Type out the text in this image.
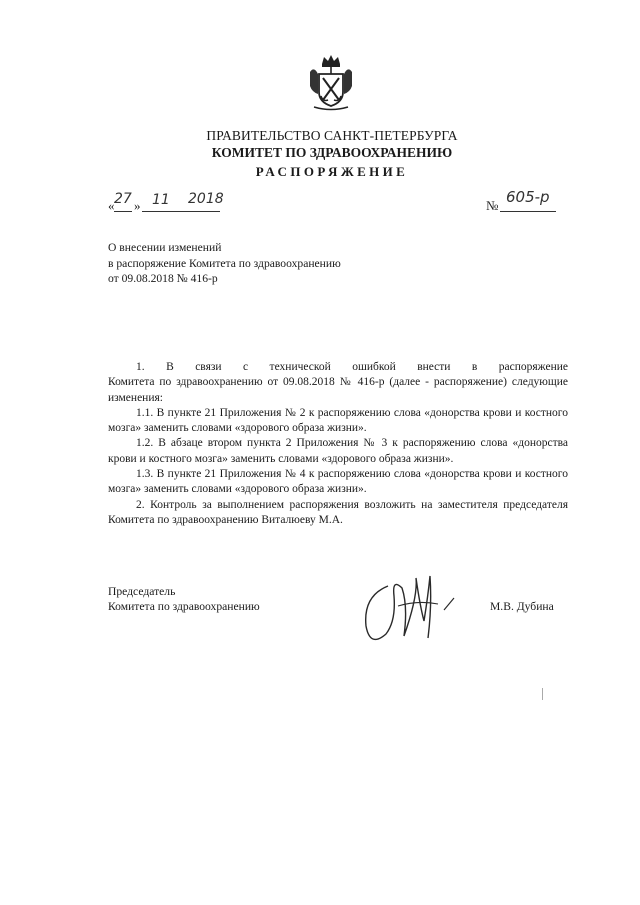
ПРАВИТЕЛЬСТВО САНКТ-ПЕТЕРБУРГА
КОМИТЕТ ПО ЗДРАВООХРАНЕНИЮ
РАСПОРЯЖЕНИЕ
« 27 » 11 2018	№ 605-р
О внесении изменений
в распоряжение Комитета по здравоохранению
от 09.08.2018 № 416-р

1.  В  связи  с  технической  ошибкой  внести  в  распоряжение

Комитета по здравоохранению от 09.08.2018 № 416-р (далее - распоряжение) следующие изменения:

1.1. В пункте 21 Приложения № 2 к распоряжению слова «донорства крови и костного мозга» заменить словами «здорового образа жизни».

1.2. В абзаце втором пункта 2 Приложения № 3 к распоряжению слова «донорства крови и костного мозга» заменить словами «здорового образа жизни».

1.3. В пункте 21 Приложения № 4 к распоряжению слова «донорства крови и костного мозга» заменить словами «здорового образа жизни».

2. Контроль за выполнением распоряжения возложить на заместителя председателя Комитета по здравоохранению Виталюеву М.А.

Председатель
Комитета по здравоохранению	М.В. Дубина
